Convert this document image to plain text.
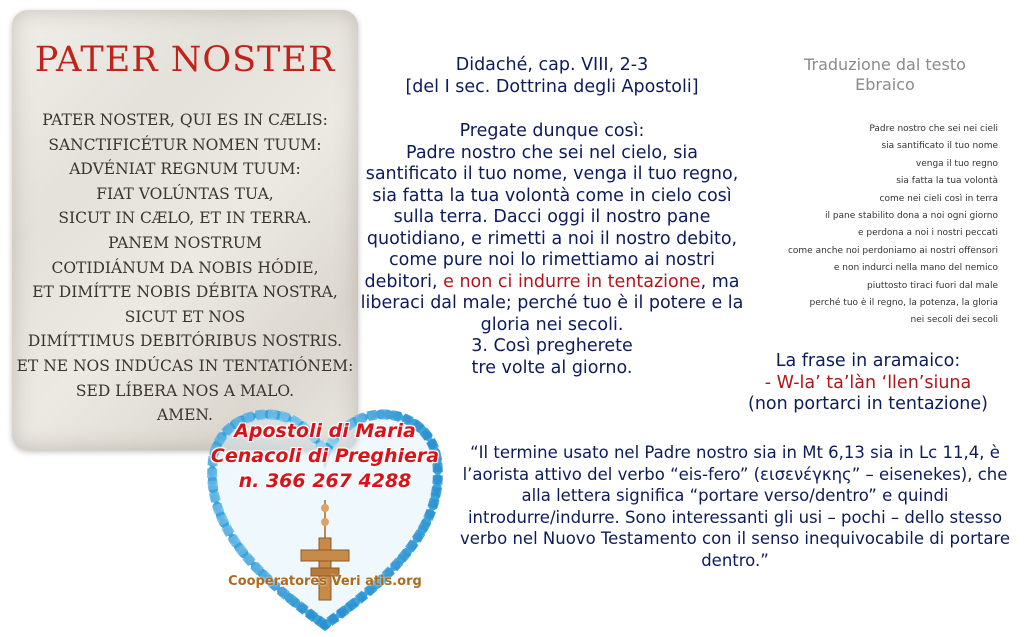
PATER NOSTER
PATER NOSTER, QUI ES IN CÆLIS:
SANCTIFICÉTUR NOMEN TUUM:
ADVÉNIAT REGNUM TUUM:
FIAT VOLÚNTAS TUA,
SICUT IN CÆLO, ET IN TERRA.
PANEM NOSTRUM
COTIDIÁNUM DA NOBIS HÓDIE,
ET DIMÍTTE NOBIS DÉBITA NOSTRA,
SICUT ET NOS
DIMÍTTIMUS DEBITÓRIBUS NOSTRIS.
ET NE NOS INDÚCAS IN TENTATIÓNEM:
SED LÍBERA NOS A MALO.
AMEN.
Didaché, cap. VIII, 2-3
[del I sec. Dottrina degli Apostoli]
Pregate dunque così:
Padre nostro che sei nel cielo, sia santificato il tuo nome, venga il tuo regno, sia fatta la tua volontà come in cielo così sulla terra. Dacci oggi il nostro pane quotidiano, e rimetti a noi il nostro debito, come pure noi lo rimettiamo ai nostri debitori, e non ci indurre in tentazione, ma liberaci dal male; perché tuo è il potere e la gloria nei secoli.
3. Così pregherete
tre volte al giorno.
Traduzione dal testo
Ebraico
Padre nostro che sei nei cieli
sia santificato il tuo nome
venga il tuo regno
sia fatta la tua volontà
come nei cieli così in terra
il pane stabilito dona a noi ogni giorno
e perdona a noi i nostri peccati
come anche noi perdoniamo ai nostri offensori
e non indurci nella mano del nemico
piuttosto tiraci fuori dal male
perché tuo è il regno, la potenza, la gloria
nei secoli dei secoli
La frase in aramaico:
- W-la’ ta’làn ‘llen’siuna
(non portarci in tentazione)
“Il termine usato nel Padre nostro sia in Mt 6,13 sia in Lc 11,4, è l’aorista attivo del verbo “eis-fero” (εισενέγκης” – eisenekes), che alla lettera significa “portare verso/dentro” e quindi introdurre/indurre. Sono interessanti gli usi – pochi – dello stesso verbo nel Nuovo Testamento con il senso inequivocabile di portare dentro.”
Apostoli di Maria
Cenacoli di Preghiera
n. 366 267 4288
Cooperatores Veri atis.org
